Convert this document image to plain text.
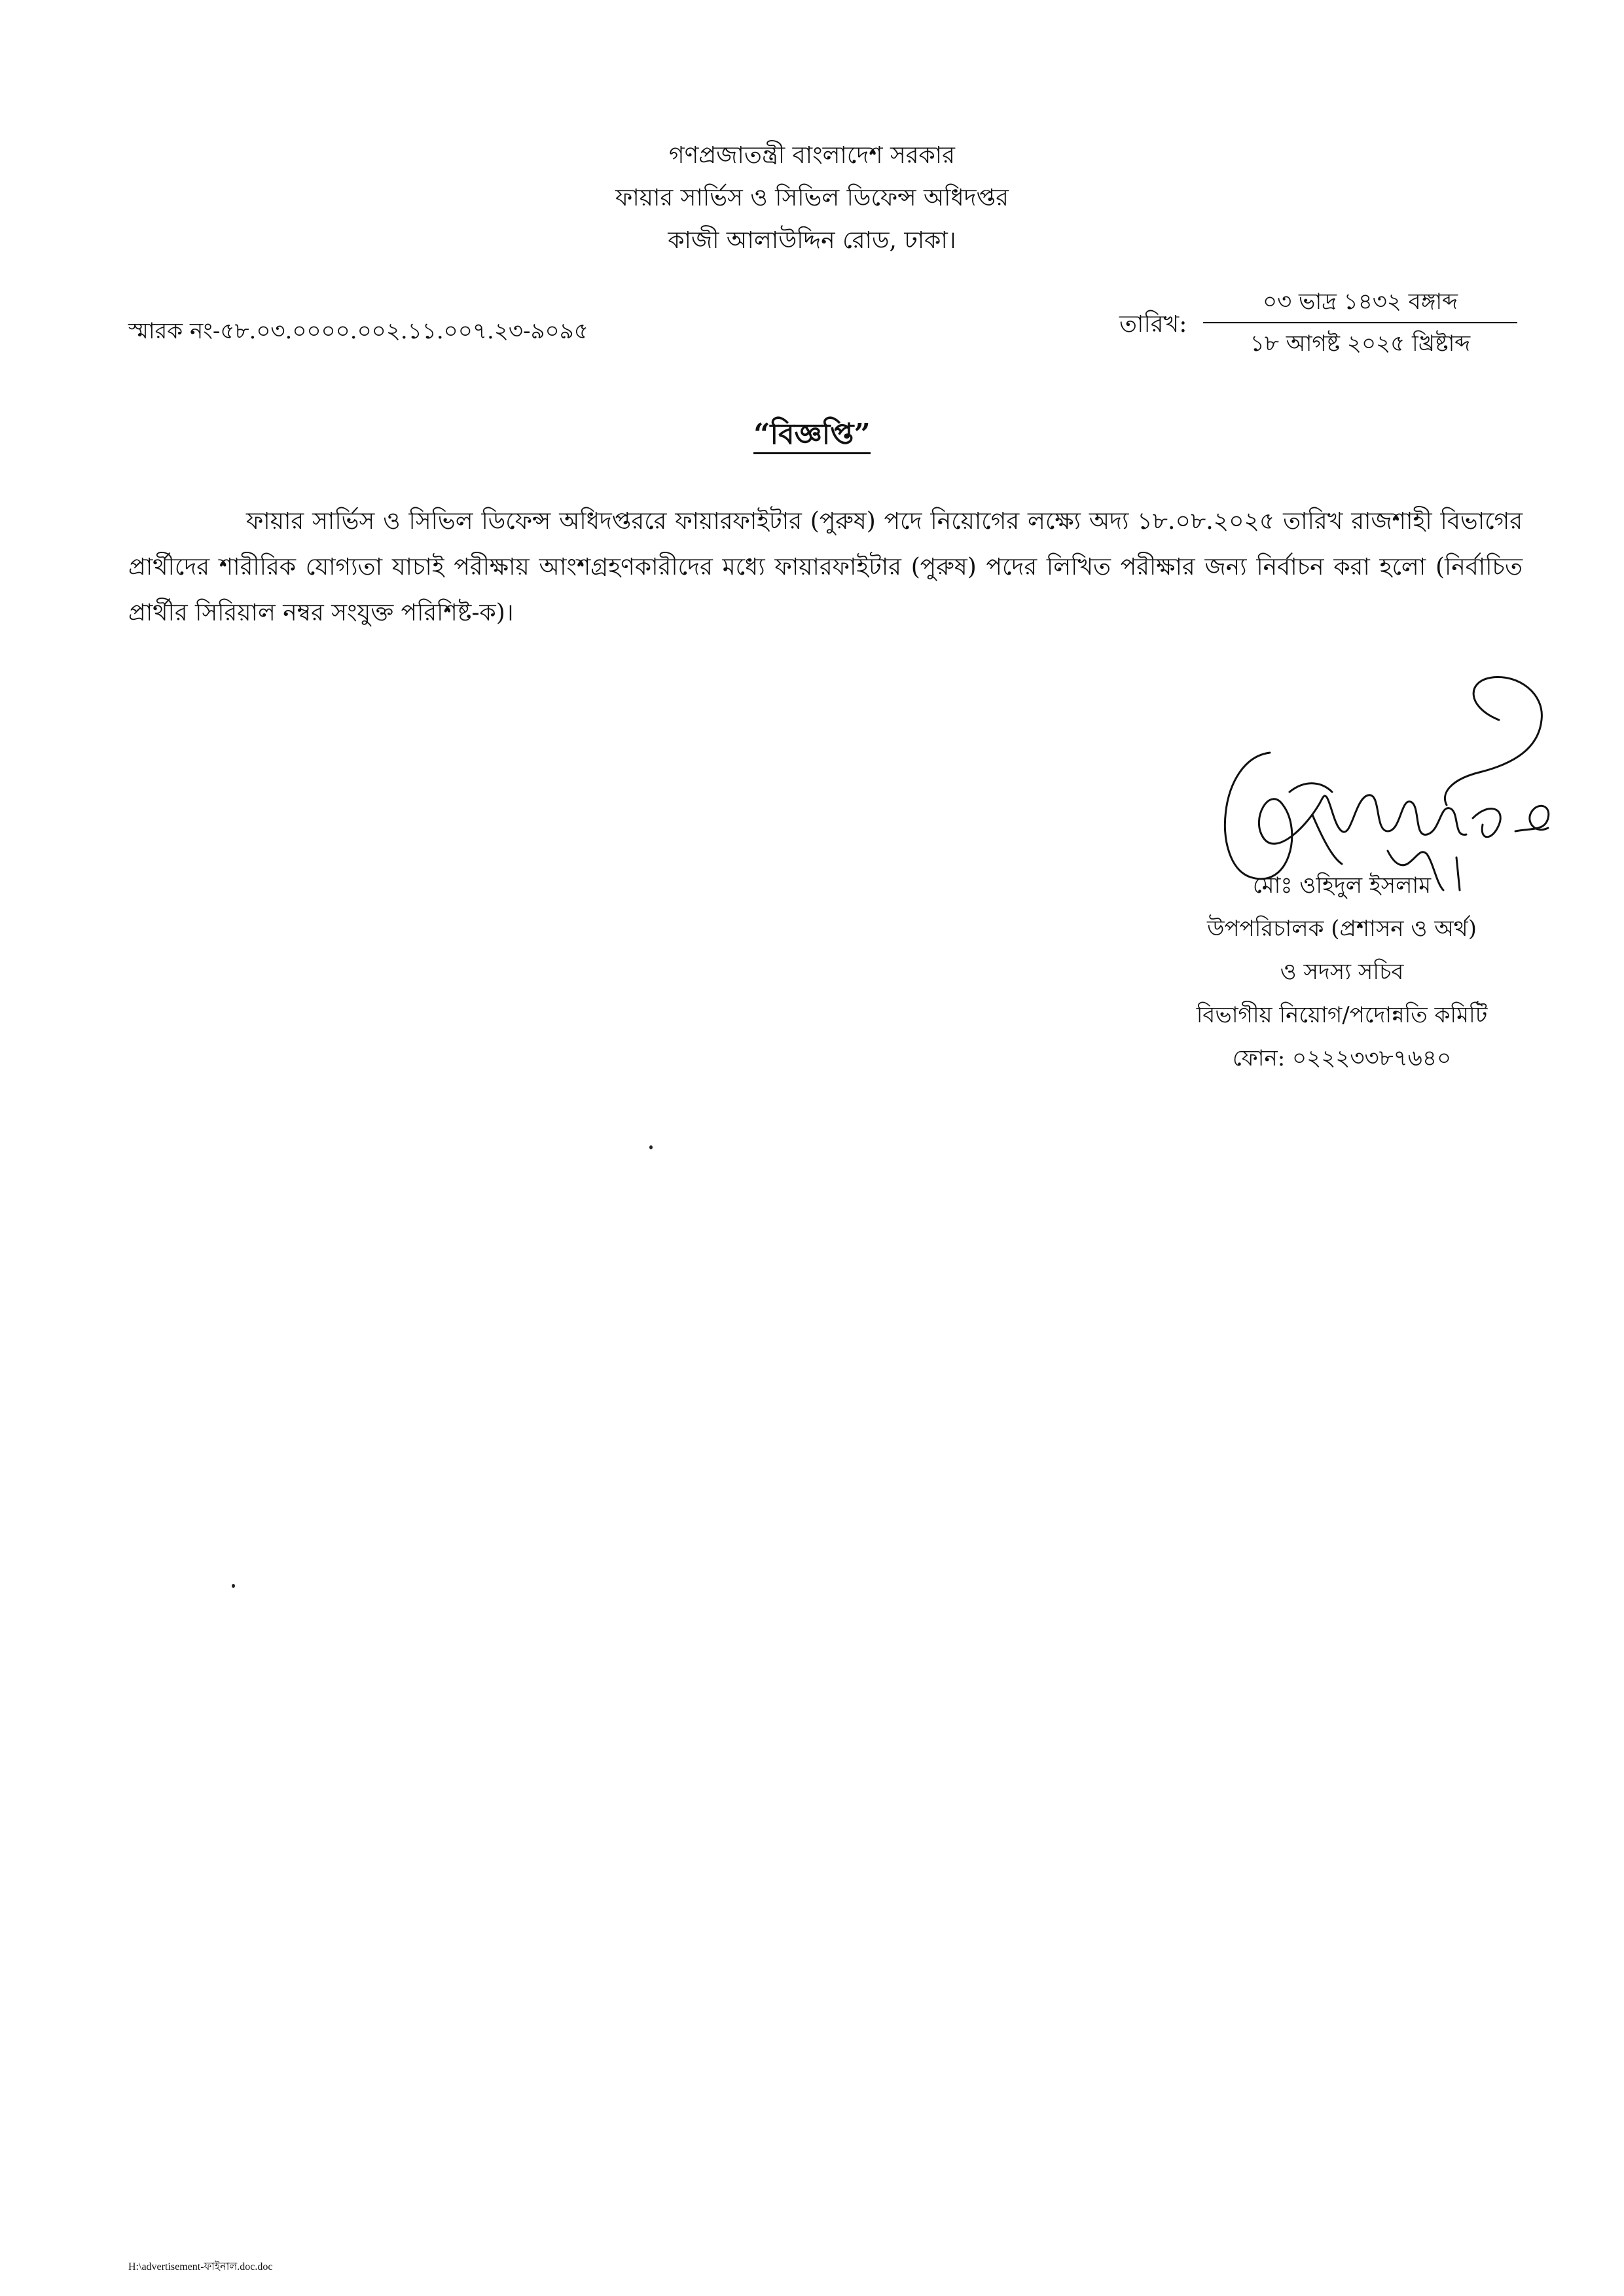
গণপ্রজাতন্ত্রী বাংলাদেশ সরকার
ফায়ার সার্ভিস ও সিভিল ডিফেন্স অধিদপ্তর
কাজী আলাউদ্দিন রোড, ঢাকা।
স্মারক নং-৫৮.০৩.০০০০.০০২.১১.০০৭.২৩-৯০৯৫	তারিখ:
০৩ ভাদ্র ১৪৩২ বঙ্গাব্দ
১৮ আগষ্ট ২০২৫ খ্রিষ্টাব্দ
“বিজ্ঞপ্তি”
ফায়ার সার্ভিস ও সিভিল ডিফেন্স অধিদপ্তররে ফায়ারফাইটার (পুরুষ) পদে নিয়োগের লক্ষ্যে অদ্য ১৮.০৮.২০২৫ তারিখ রাজশাহী বিভাগের প্রার্থীদের শারীরিক যোগ্যতা যাচাই পরীক্ষায় আংশগ্রহণকারীদের মধ্যে ফায়ারফাইটার (পুরুষ) পদের লিখিত পরীক্ষার জন্য নির্বাচন করা হলো (নির্বাচিত প্রার্থীর সিরিয়াল নম্বর সংযুক্ত পরিশিষ্ট-ক)।
মোঃ ওহিদুল ইসলাম
উপপরিচালক (প্রশাসন ও অর্থ)
ও সদস্য সচিব
বিভাগীয় নিয়োগ/পদোন্নতি কমিটি
ফোন: ০২২২৩৩৮৭৬৪০
H:\advertisement-ফাইনাল.doc.doc
